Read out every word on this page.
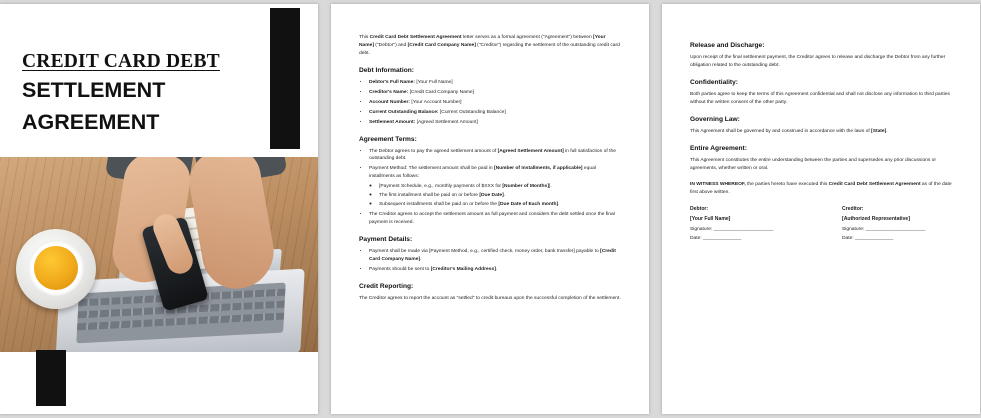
CREDIT CARD DEBT
SETTLEMENT
AGREEMENT

This Credit Card Debt Settlement Agreement letter serves as a formal agreement ("Agreement") between [Your Name] ("Debtor") and [Credit Card Company Name] ("Creditor") regarding the settlement of the outstanding credit card debt.

Debt Information:
• Debtor's Full Name: [Your Full Name]
• Creditor's Name: [Credit Card Company Name]
• Account Number: [Your Account Number]
• Current Outstanding Balance: [Current Outstanding Balance]
• Settlement Amount: [Agreed Settlement Amount]
Agreement Terms:
• The Debtor agrees to pay the agreed settlement amount of [Agreed Settlement Amount] in full satisfaction of the outstanding debt.
• Payment Method: The settlement amount shall be paid in [Number of Installments, if applicable] equal installments as follows:
◦ [Payment Schedule, e.g., monthly payments of $XXX for [Number of Months]].
◦ The first installment shall be paid on or before [Due Date].
◦ Subsequent installments shall be paid on or before the [Due Date of Each month].
• The Creditor agrees to accept the settlement amount as full payment and considers the debt settled once the final payment is received.
Payment Details:
• Payment shall be made via [Payment Method, e.g., certified check, money order, bank transfer] payable to [Credit Card Company Name].
• Payments should be sent to [Creditor's Mailing Address].
Credit Reporting:

The Creditor agrees to report the account as "settled" to credit bureaus upon the successful completion of the settlement.

Release and Discharge:

Upon receipt of the final settlement payment, the Creditor agrees to release and discharge the Debtor from any further obligation related to the outstanding debt.

Confidentiality:

Both parties agree to keep the terms of this Agreement confidential and shall not disclose any information to third parties without the written consent of the other party.

Governing Law:

This Agreement shall be governed by and construed in accordance with the laws of [State].

Entire Agreement:

This Agreement constitutes the entire understanding between the parties and supersedes any prior discussions or agreements, whether written or oral.

IN WITNESS WHEREOF, the parties hereto have executed this Credit Card Debt Settlement Agreement as of the date first above written.

Debtor:
[Your Full Name]

Signature: ______________________

Date: ______________

Creditor:
[Authorized Representative]

Signature: ______________________

Date: ______________
